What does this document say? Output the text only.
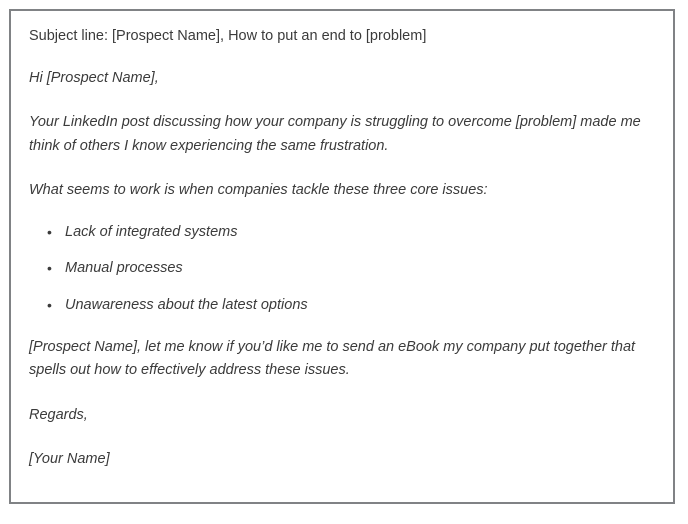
Subject line: [Prospect Name], How to put an end to [problem]

Hi [Prospect Name],

Your LinkedIn post discussing how your company is struggling to overcome [problem] made me think of others I know experiencing the same frustration.

What seems to work is when companies tackle these three core issues:

• Lack of integrated systems
• Manual processes
• Unawareness about the latest options

[Prospect Name], let me know if you’d like me to send an eBook my company put together that spells out how to effectively address these issues.

Regards,

[Your Name]
